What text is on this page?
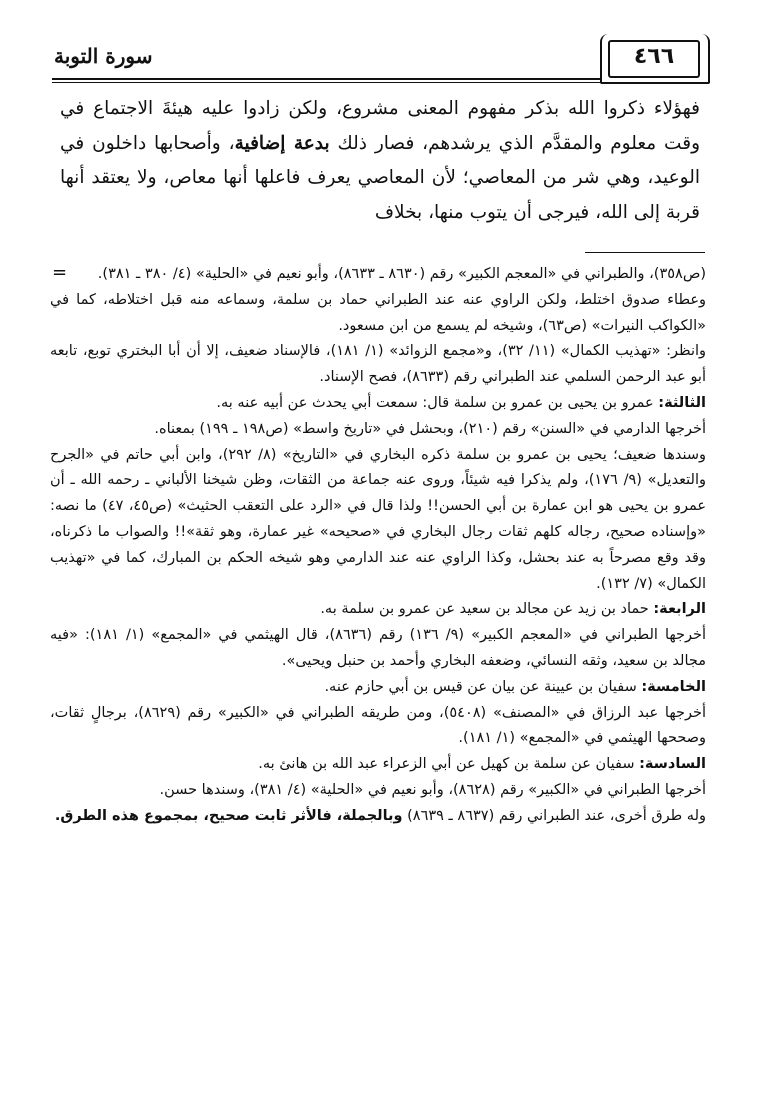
سورة التوبة	٤٦٦

فهؤلاء ذكروا الله بذكر مفهوم المعنى مشروع، ولكن زادوا عليه هيئةَ الاجتماع في وقت معلوم والمقدَّم الذي يرشدهم، فصار ذلك بدعة إضافية، وأصحابها داخلون في الوعيد، وهي شر من المعاصي؛ لأن المعاصي يعرف فاعلها أنها معاص، ولا يعتقد أنها قربة إلى الله، فيرجى أن يتوب منها، بخلاف

=	(ص٣٥٨)، والطبراني في «المعجم الكبير» رقم (٨٦٣٠ ـ ٨٦٣٣)، وأبو نعيم في «الحلية» (٤/ ٣٨٠ ـ ٣٨١).

وعطاء صدوق اختلط، ولكن الراوي عنه عند الطبراني حماد بن سلمة، وسماعه منه قبل اختلاطه، كما في «الكواكب النيرات» (ص٦٣)، وشيخه لم يسمع من ابن مسعود.

وانظر: «تهذيب الكمال» (١١/ ٣٢)، و«مجمع الزوائد» (١/ ١٨١)، فالإسناد ضعيف، إلا أن أبا البختري توبع، تابعه أبو عبد الرحمن السلمي عند الطبراني رقم (٨٦٣٣)، فصح الإسناد.

الثالثة: عمرو بن يحيى بن عمرو بن سلمة قال: سمعت أبي يحدث عن أبيه عنه به.

أخرجها الدارمي في «السنن» رقم (٢١٠)، وبحشل في «تاريخ واسط» (ص١٩٨ ـ ١٩٩) بمعناه.

وسندها ضعيف؛ يحيى بن عمرو بن سلمة ذكره البخاري في «التاريخ» (٨/ ٢٩٢)، وابن أبي حاتم في «الجرح والتعديل» (٩/ ١٧٦)، ولم يذكرا فيه شيئاً، وروى عنه جماعة من الثقات، وظن شيخنا الألباني ـ رحمه الله ـ أن عمرو بن يحيى هو ابن عمارة بن أبي الحسن!! ولذا قال في «الرد على التعقب الحثيث» (ص٤٥، ٤٧) ما نصه: «وإسناده صحيح، رجاله كلهم ثقات رجال البخاري في «صحيحه» غير عمارة، وهو ثقة»!! والصواب ما ذكرناه، وقد وقع مصرحاً به عند بحشل، وكذا الراوي عنه عند الدارمي وهو شيخه الحكم بن المبارك، كما في «تهذيب الكمال» (٧/ ١٣٢).

الرابعة: حماد بن زيد عن مجالد بن سعيد عن عمرو بن سلمة به.

أخرجها الطبراني في «المعجم الكبير» (٩/ ١٣٦) رقم (٨٦٣٦)، قال الهيثمي في «المجمع» (١/ ١٨١): «فيه مجالد بن سعيد، وثقه النسائي، وضعفه البخاري وأحمد بن حنبل ويحيى».

الخامسة: سفيان بن عيينة عن بيان عن قيس بن أبي حازم عنه.

أخرجها عبد الرزاق في «المصنف» (٥٤٠٨)، ومن طريقه الطبراني في «الكبير» رقم (٨٦٢٩)، برجالٍ ثقات، وصححها الهيثمي في «المجمع» (١/ ١٨١).

السادسة: سفيان عن سلمة بن كهيل عن أبي الزعراء عبد الله بن هانئ به.

أخرجها الطبراني في «الكبير» رقم (٨٦٢٨)، وأبو نعيم في «الحلية» (٤/ ٣٨١)، وسندها حسن.

وله طرق أخرى، عند الطبراني رقم (٨٦٣٧ ـ ٨٦٣٩) وبالجملة، فالأثر ثابت صحيح، بمجموع هذه الطرق.
